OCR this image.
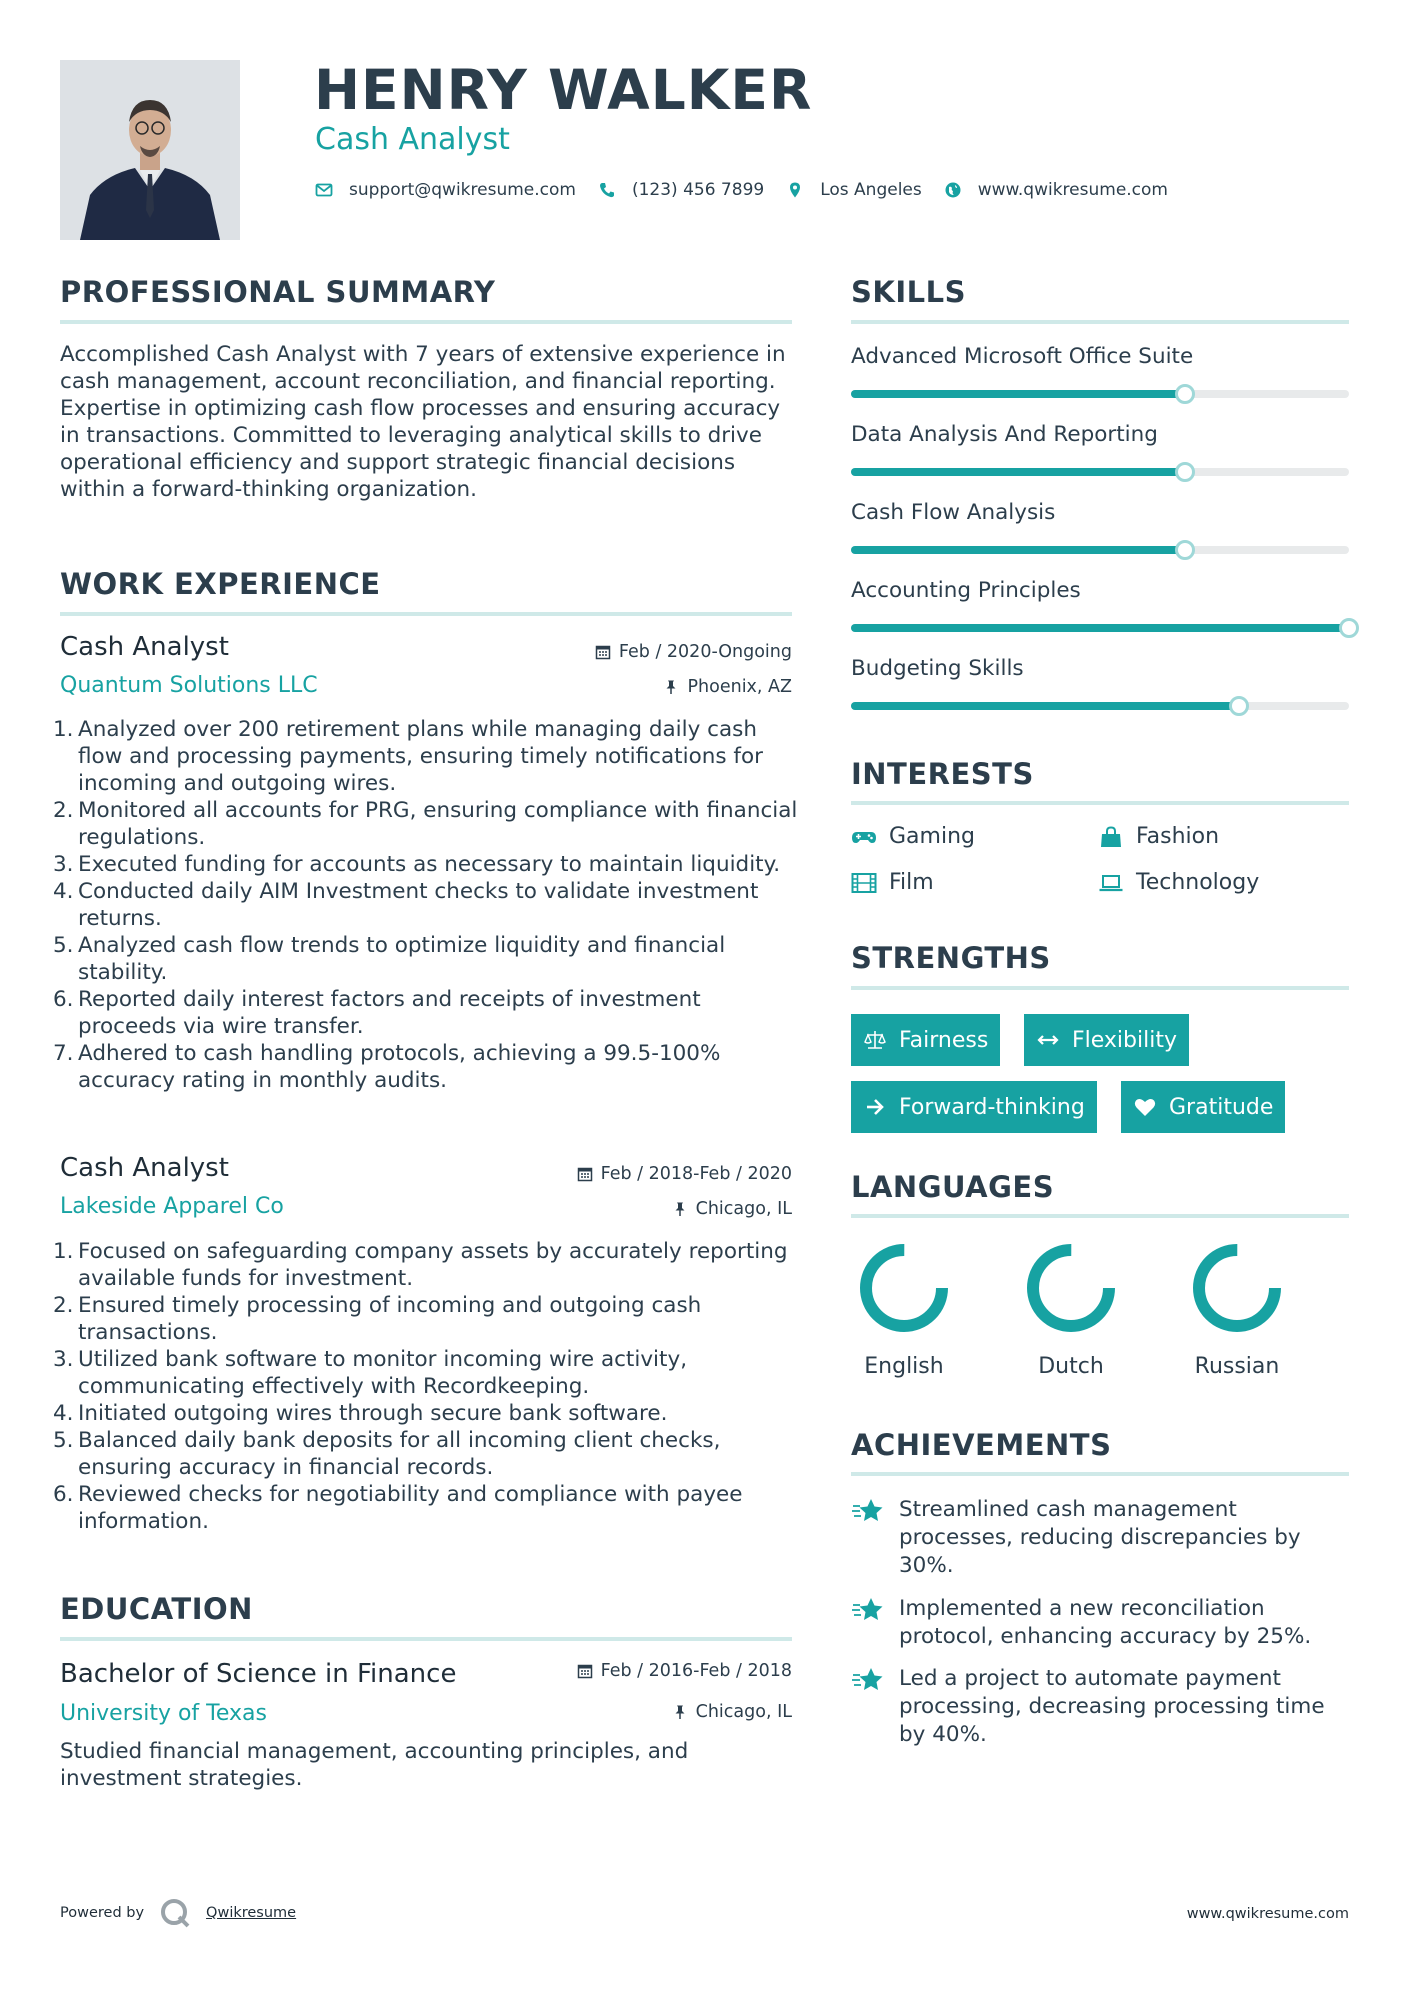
HENRY WALKER
Cash Analyst
support@qwikresume.com	(123) 456 7899	Los Angeles	www.qwikresume.com
PROFESSIONAL SUMMARY
Accomplished Cash Analyst with 7 years of extensive experience in cash management, account reconciliation, and financial reporting. Expertise in optimizing cash flow processes and ensuring accuracy in transactions. Committed to leveraging analytical skills to drive operational efficiency and support strategic financial decisions within a forward-thinking organization.
WORK EXPERIENCE
Cash Analyst
Quantum Solutions LLC
Feb / 2020-Ongoing
Phoenix, AZ
1. Analyzed over 200 retirement plans while managing daily cash flow and processing payments, ensuring timely notifications for incoming and outgoing wires.
2. Monitored all accounts for PRG, ensuring compliance with financial regulations.
3. Executed funding for accounts as necessary to maintain liquidity.
4. Conducted daily AIM Investment checks to validate investment returns.
5. Analyzed cash flow trends to optimize liquidity and financial stability.
6. Reported daily interest factors and receipts of investment proceeds via wire transfer.
7. Adhered to cash handling protocols, achieving a 99.5-100% accuracy rating in monthly audits.
Cash Analyst
Lakeside Apparel Co
Feb / 2018-Feb / 2020
Chicago, IL
1. Focused on safeguarding company assets by accurately reporting available funds for investment.
2. Ensured timely processing of incoming and outgoing cash transactions.
3. Utilized bank software to monitor incoming wire activity, communicating effectively with Recordkeeping.
4. Initiated outgoing wires through secure bank software.
5. Balanced daily bank deposits for all incoming client checks, ensuring accuracy in financial records.
6. Reviewed checks for negotiability and compliance with payee information.
EDUCATION
Bachelor of Science in Finance
University of Texas
Feb / 2016-Feb / 2018
Chicago, IL
Studied financial management, accounting principles, and investment strategies.
SKILLS
Advanced Microsoft Office Suite
Data Analysis And Reporting
Cash Flow Analysis
Accounting Principles
Budgeting Skills
INTERESTS
Gaming	Fashion
Film	Technology
STRENGTHS
Fairness	Flexibility
Forward-thinking	Gratitude
LANGUAGES
English	Dutch	Russian
ACHIEVEMENTS
Streamlined cash management processes, reducing discrepancies by 30%.
Implemented a new reconciliation protocol, enhancing accuracy by 25%.
Led a project to automate payment processing, decreasing processing time by 40%.
Powered by	Qwikresume	www.qwikresume.com
